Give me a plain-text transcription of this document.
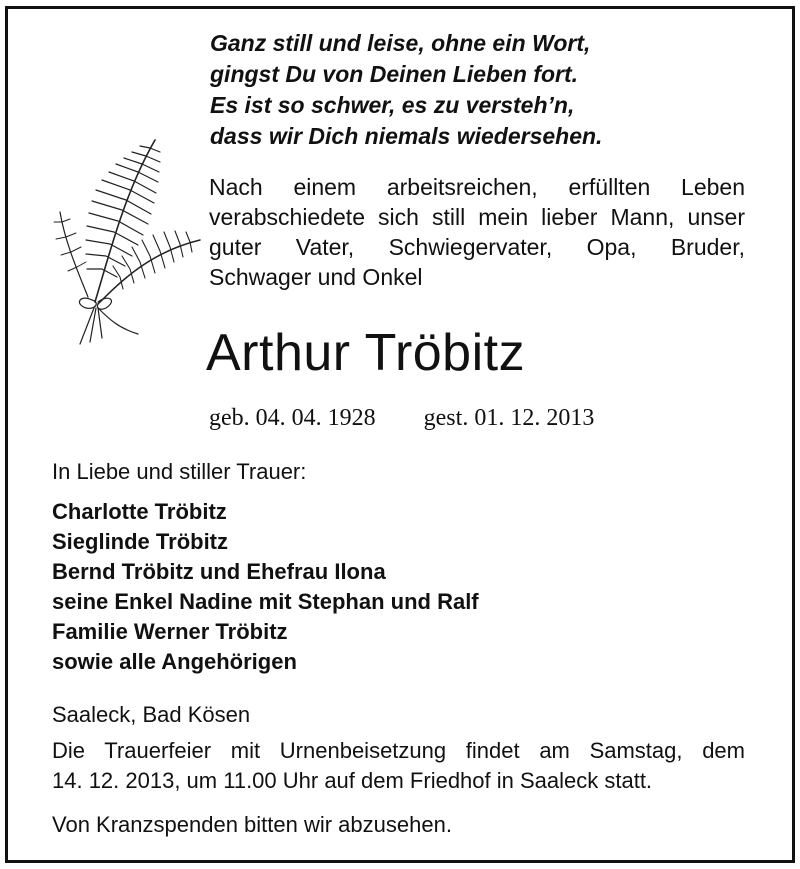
Ganz still und leise, ohne ein Wort,
gingst Du von Deinen Lieben fort.
Es ist so schwer, es zu versteh’n,
dass wir Dich niemals wiedersehen.
Nach einem arbeitsreichen, erfüllten Leben
verabschiedete sich still mein lieber Mann, unser
guter Vater, Schwiegervater, Opa, Bruder,
Schwager und Onkel
Arthur Tröbitz
geb. 04. 04. 1928 gest. 01. 12. 2013
In Liebe und stiller Trauer:
Charlotte Tröbitz
Sieglinde Tröbitz
Bernd Tröbitz und Ehefrau Ilona
seine Enkel Nadine mit Stephan und Ralf
Familie Werner Tröbitz
sowie alle Angehörigen
Saaleck, Bad Kösen
Die Trauerfeier mit Urnenbeisetzung findet am Samstag, dem
14. 12. 2013, um 11.00 Uhr auf dem Friedhof in Saaleck statt.
Von Kranzspenden bitten wir abzusehen.
